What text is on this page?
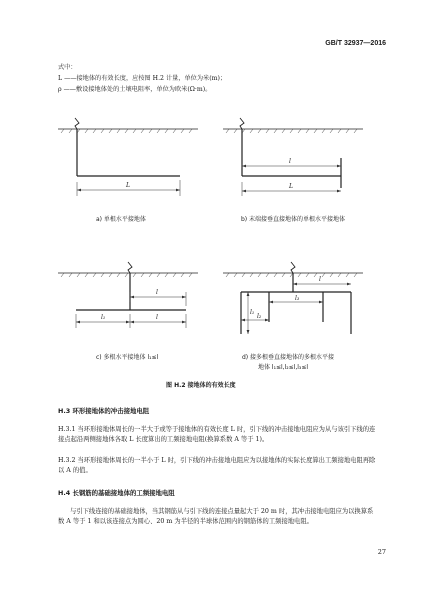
GB/T 32937—2016
式中：
L ——接地体的有效长度，应按图 H.2 计量，单位为米(m)；
ρ ——敷设接地体处的土壤电阻率，单位为欧米(Ω·m)。
L
a) 单根水平接地体
l
L
b) 末端接垂直接地体的单根水平接地体
l
l₁	l
c) 多根水平接地体 l₁≤l
l
l₁
l₂
l₃
d) 接多根垂直接地体的多根水平接
地体 l₁≤l,l₂≤l,l₃≤l
图 H.2 接地体的有效长度
H.3 环形接地体的冲击接地电阻
H.3.1 当环形接地体周长的一半大于或等于接地体的有效长度 L 时，引下线的冲击接地电阻应为从与该引下线的连接点起沿两侧接地体各取 L 长度算出的工频接地电阻(换算系数 A 等于 1)。
H.3.2 当环形接地体周长的一半小于 L 时，引下线的冲击接地电阻应为以接地体的实际长度算出工频接地电阻再除以 A 的值。
H.4 长钢筋的基础接地体的工频接地电阻
与引下线连接的基础接地体，当其钢筋从与引下线的连接点量起大于 20 m 时，其冲击接地电阻应为以换算系数 A 等于 1 和以该连接点为圆心、20 m 为半径的半球体范围内的钢筋体的工频接地电阻。
27
